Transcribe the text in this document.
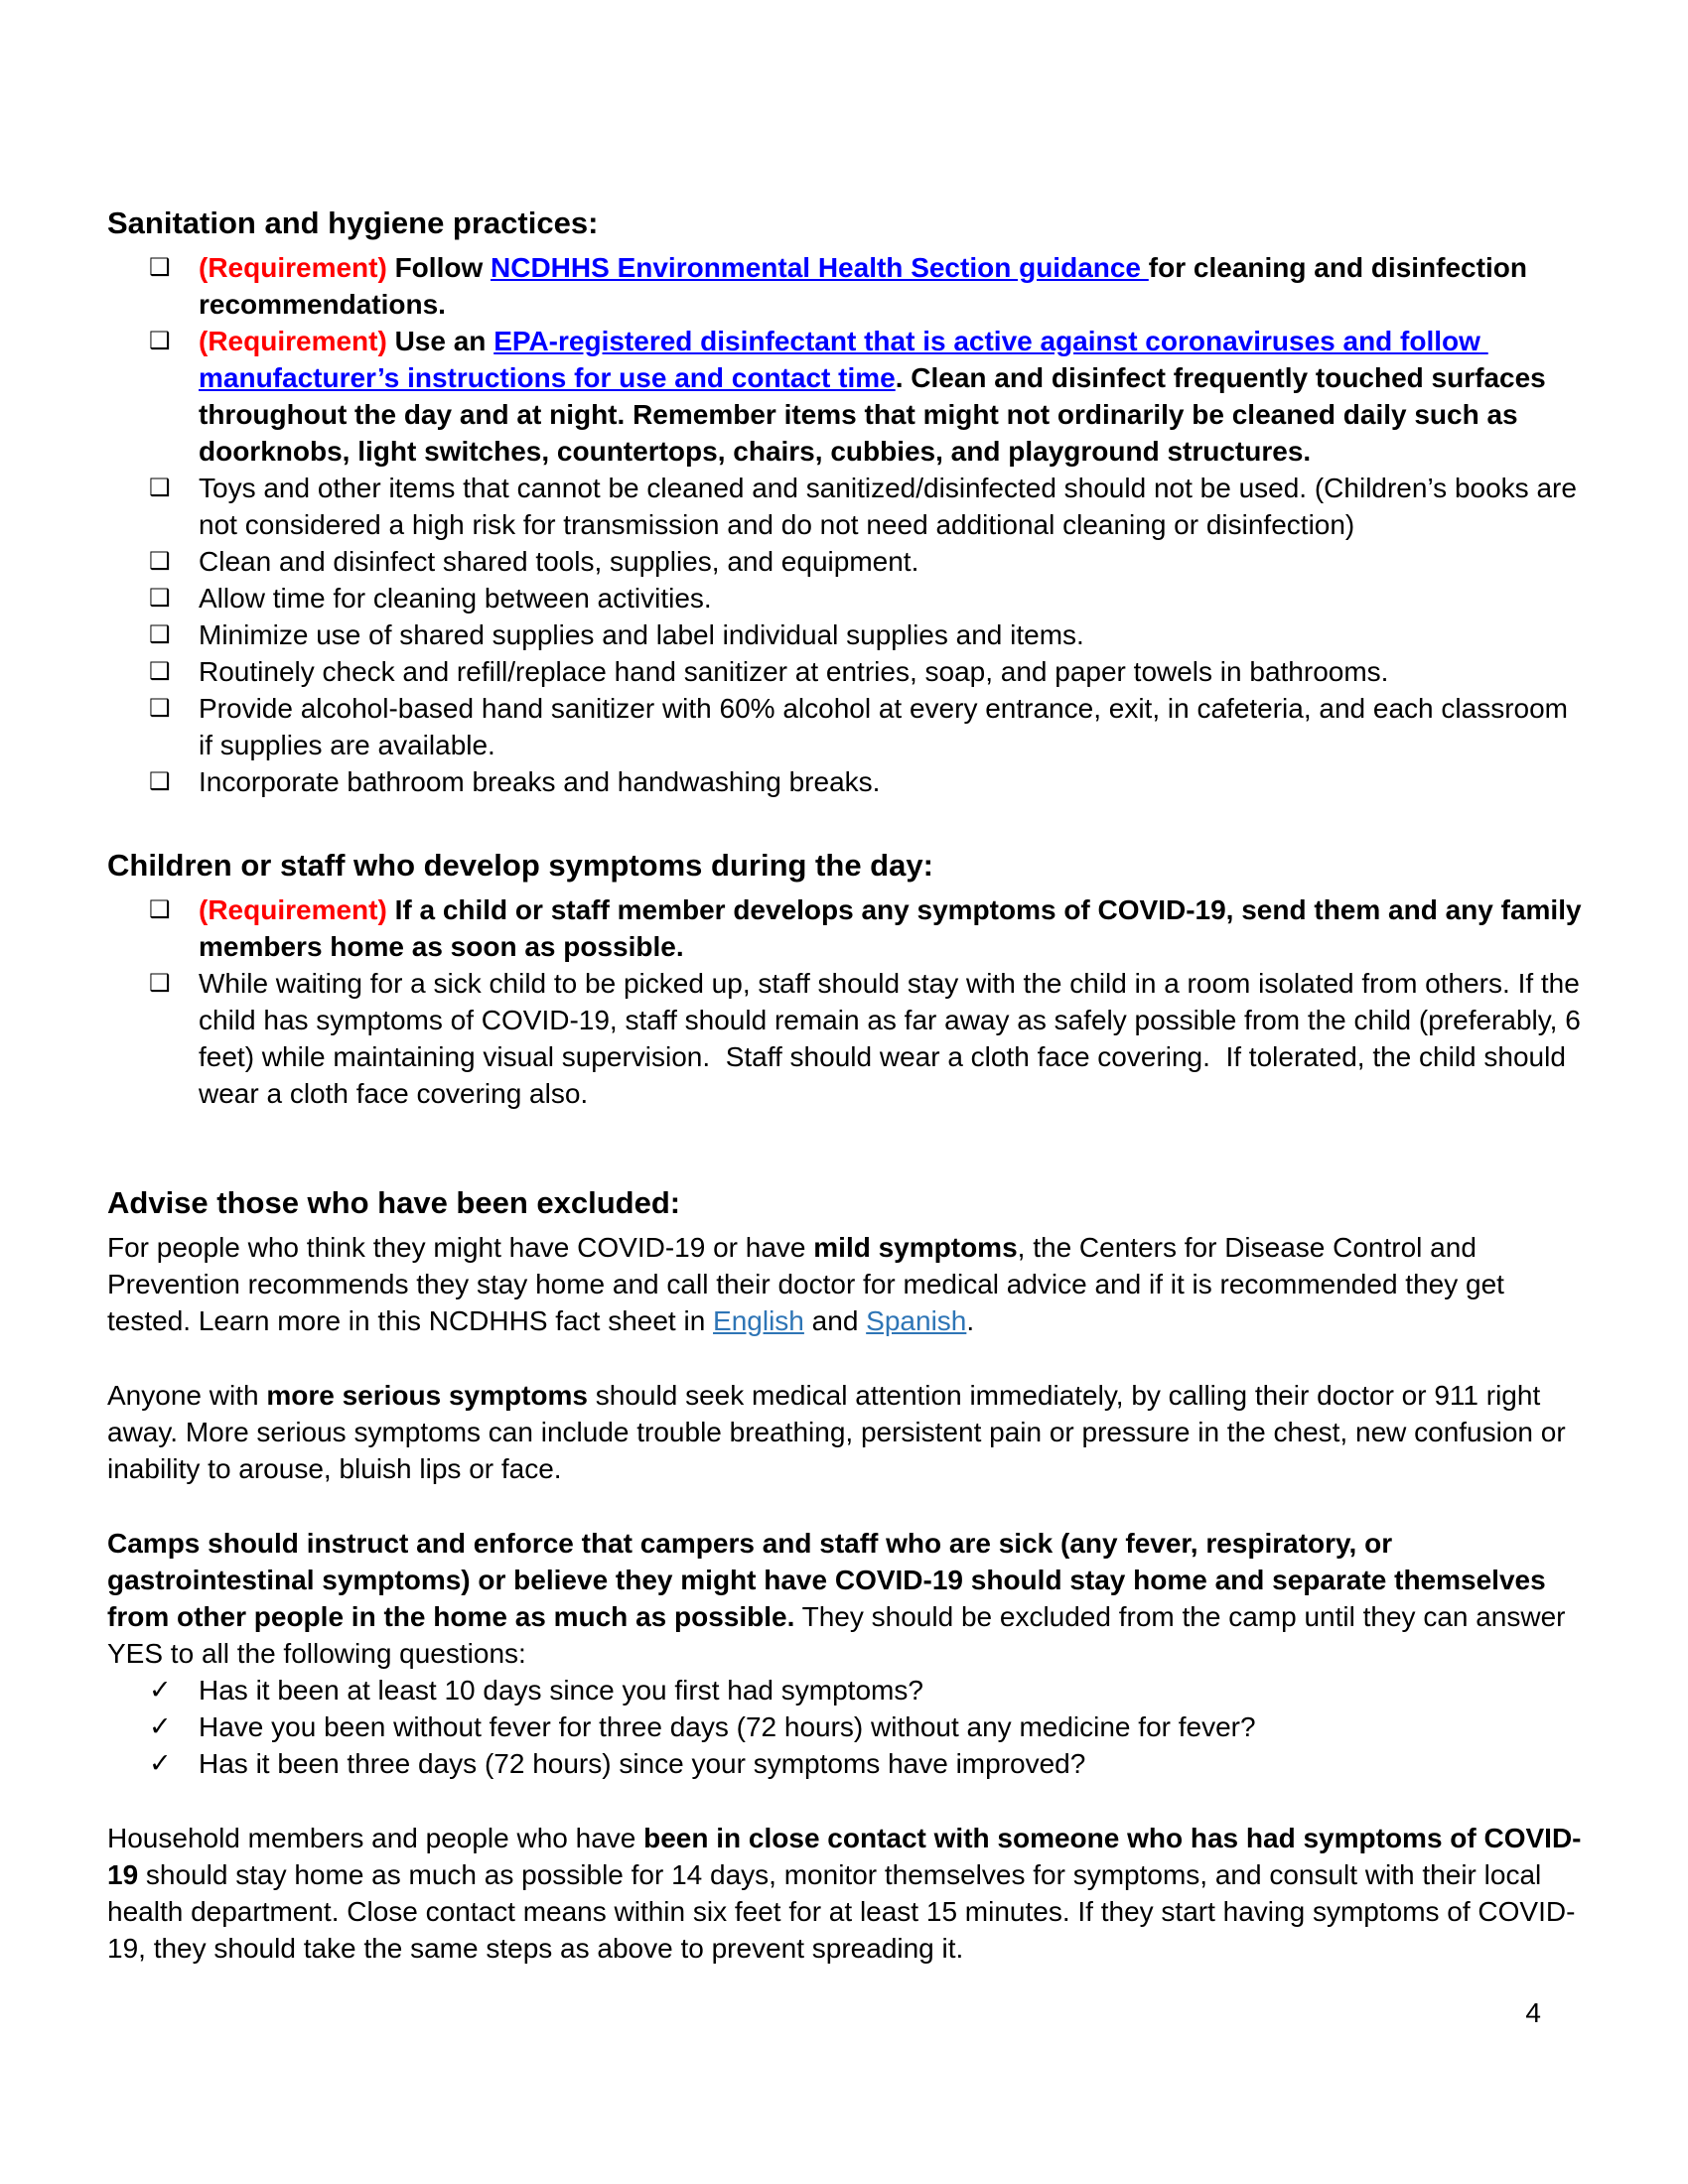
Sanitation and hygiene practices:
❑	(Requirement) Follow NCDHHS Environmental Health Section guidance for cleaning and disinfection recommendations.
❑	(Requirement) Use an EPA-registered disinfectant that is active against coronaviruses and follow manufacturer’s instructions for use and contact time. Clean and disinfect frequently touched surfaces throughout the day and at night. Remember items that might not ordinarily be cleaned daily such as doorknobs, light switches, countertops, chairs, cubbies, and playground structures.
❑	Toys and other items that cannot be cleaned and sanitized/disinfected should not be used. (Children’s books are not considered a high risk for transmission and do not need additional cleaning or disinfection)
❑	Clean and disinfect shared tools, supplies, and equipment.
❑	Allow time for cleaning between activities.
❑	Minimize use of shared supplies and label individual supplies and items.
❑	Routinely check and refill/replace hand sanitizer at entries, soap, and paper towels in bathrooms.
❑	Provide alcohol-based hand sanitizer with 60% alcohol at every entrance, exit, in cafeteria, and each classroom if supplies are available.
❑	Incorporate bathroom breaks and handwashing breaks.
Children or staff who develop symptoms during the day:
❑	(Requirement) If a child or staff member develops any symptoms of COVID-19, send them and any family members home as soon as possible.
❑	While waiting for a sick child to be picked up, staff should stay with the child in a room isolated from others. If the child has symptoms of COVID-19, staff should remain as far away as safely possible from the child (preferably, 6 feet) while maintaining visual supervision.  Staff should wear a cloth face covering.  If tolerated, the child should wear a cloth face covering also.
Advise those who have been excluded:

For people who think they might have COVID-19 or have mild symptoms, the Centers for Disease Control and Prevention recommends they stay home and call their doctor for medical advice and if it is recommended they get tested. Learn more in this NCDHHS fact sheet in English and Spanish.

Anyone with more serious symptoms should seek medical attention immediately, by calling their doctor or 911 right away. More serious symptoms can include trouble breathing, persistent pain or pressure in the chest, new confusion or inability to arouse, bluish lips or face.

Camps should instruct and enforce that campers and staff who are sick (any fever, respiratory, or gastrointestinal symptoms) or believe they might have COVID-19 should stay home and separate themselves from other people in the home as much as possible. They should be excluded from the camp until they can answer YES to all the following questions:

✓ Has it been at least 10 days since you first had symptoms?
✓ Have you been without fever for three days (72 hours) without any medicine for fever?
✓ Has it been three days (72 hours) since your symptoms have improved?

Household members and people who have been in close contact with someone who has had symptoms of COVID-19 should stay home as much as possible for 14 days, monitor themselves for symptoms, and consult with their local health department. Close contact means within six feet for at least 15 minutes. If they start having symptoms of COVID-19, they should take the same steps as above to prevent spreading it.

4
